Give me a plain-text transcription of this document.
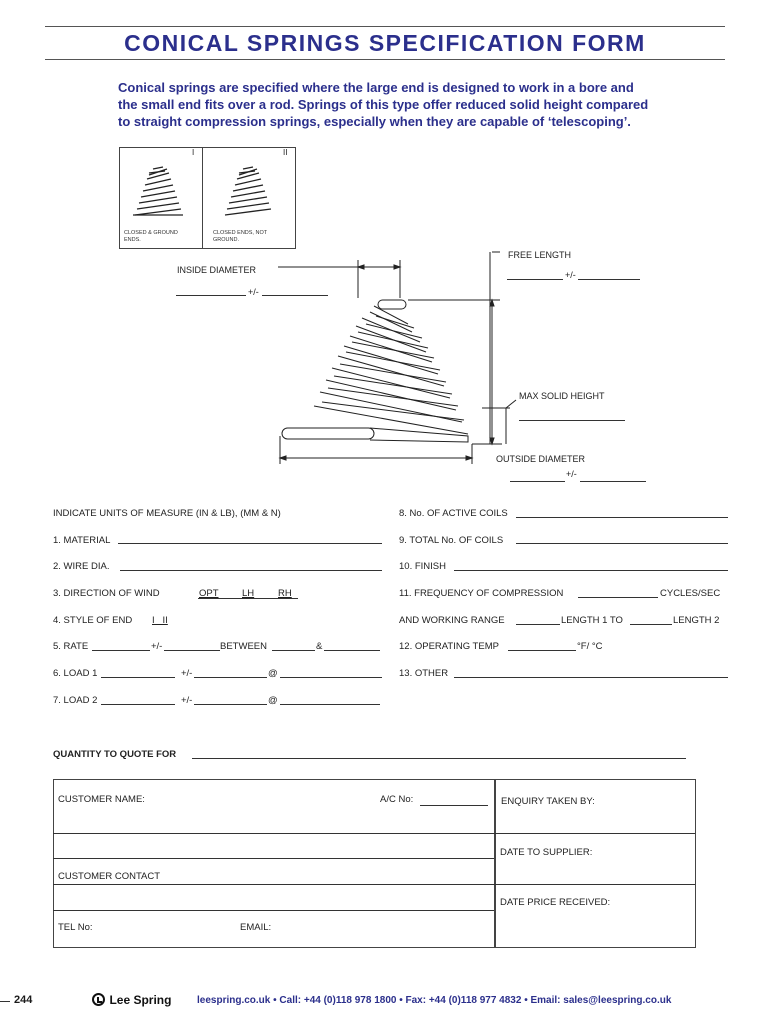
CONICAL SPRINGS SPECIFICATION FORM
Conical springs are specified where the large end is designed to work in a bore and
the small end fits over a rod. Springs of this type offer reduced solid height compared
to straight compression springs, especially when they are capable of ‘telescoping’.
I
CLOSED & GROUND ENDS.
II
CLOSED ENDS, NOT GROUND.
INSIDE DIAMETER
+/-
FREE LENGTH
+/-
MAX SOLID HEIGHT
OUTSIDE DIAMETER
+/-
INDICATE UNITS OF MEASURE (IN & LB), (MM & N)
1. MATERIAL
2. WIRE DIA.
3. DIRECTION OF WIND	OPT LH	RH
4. STYLE OF END I   II
5. RATE	+/-	BETWEEN	&
6. LOAD 1	+/-	@
7. LOAD 2	+/-	@
8. No. OF ACTIVE COILS
9. TOTAL No. OF COILS
10. FINISH
11. FREQUENCY OF COMPRESSION	CYCLES/SEC
AND WORKING RANGE	LENGTH 1 TO	LENGTH 2
12. OPERATING TEMP	°F/ °C
13. OTHER
QUANTITY TO QUOTE FOR
CUSTOMER NAME:	A/C No:
CUSTOMER CONTACT
TEL No:	EMAIL:
ENQUIRY TAKEN BY:
DATE TO SUPPLIER:
DATE PRICE RECEIVED:
244	Lee Spring	leespring.co.uk • Call: +44 (0)118 978 1800 • Fax: +44 (0)118 977 4832 • Email: sales@leespring.co.uk
